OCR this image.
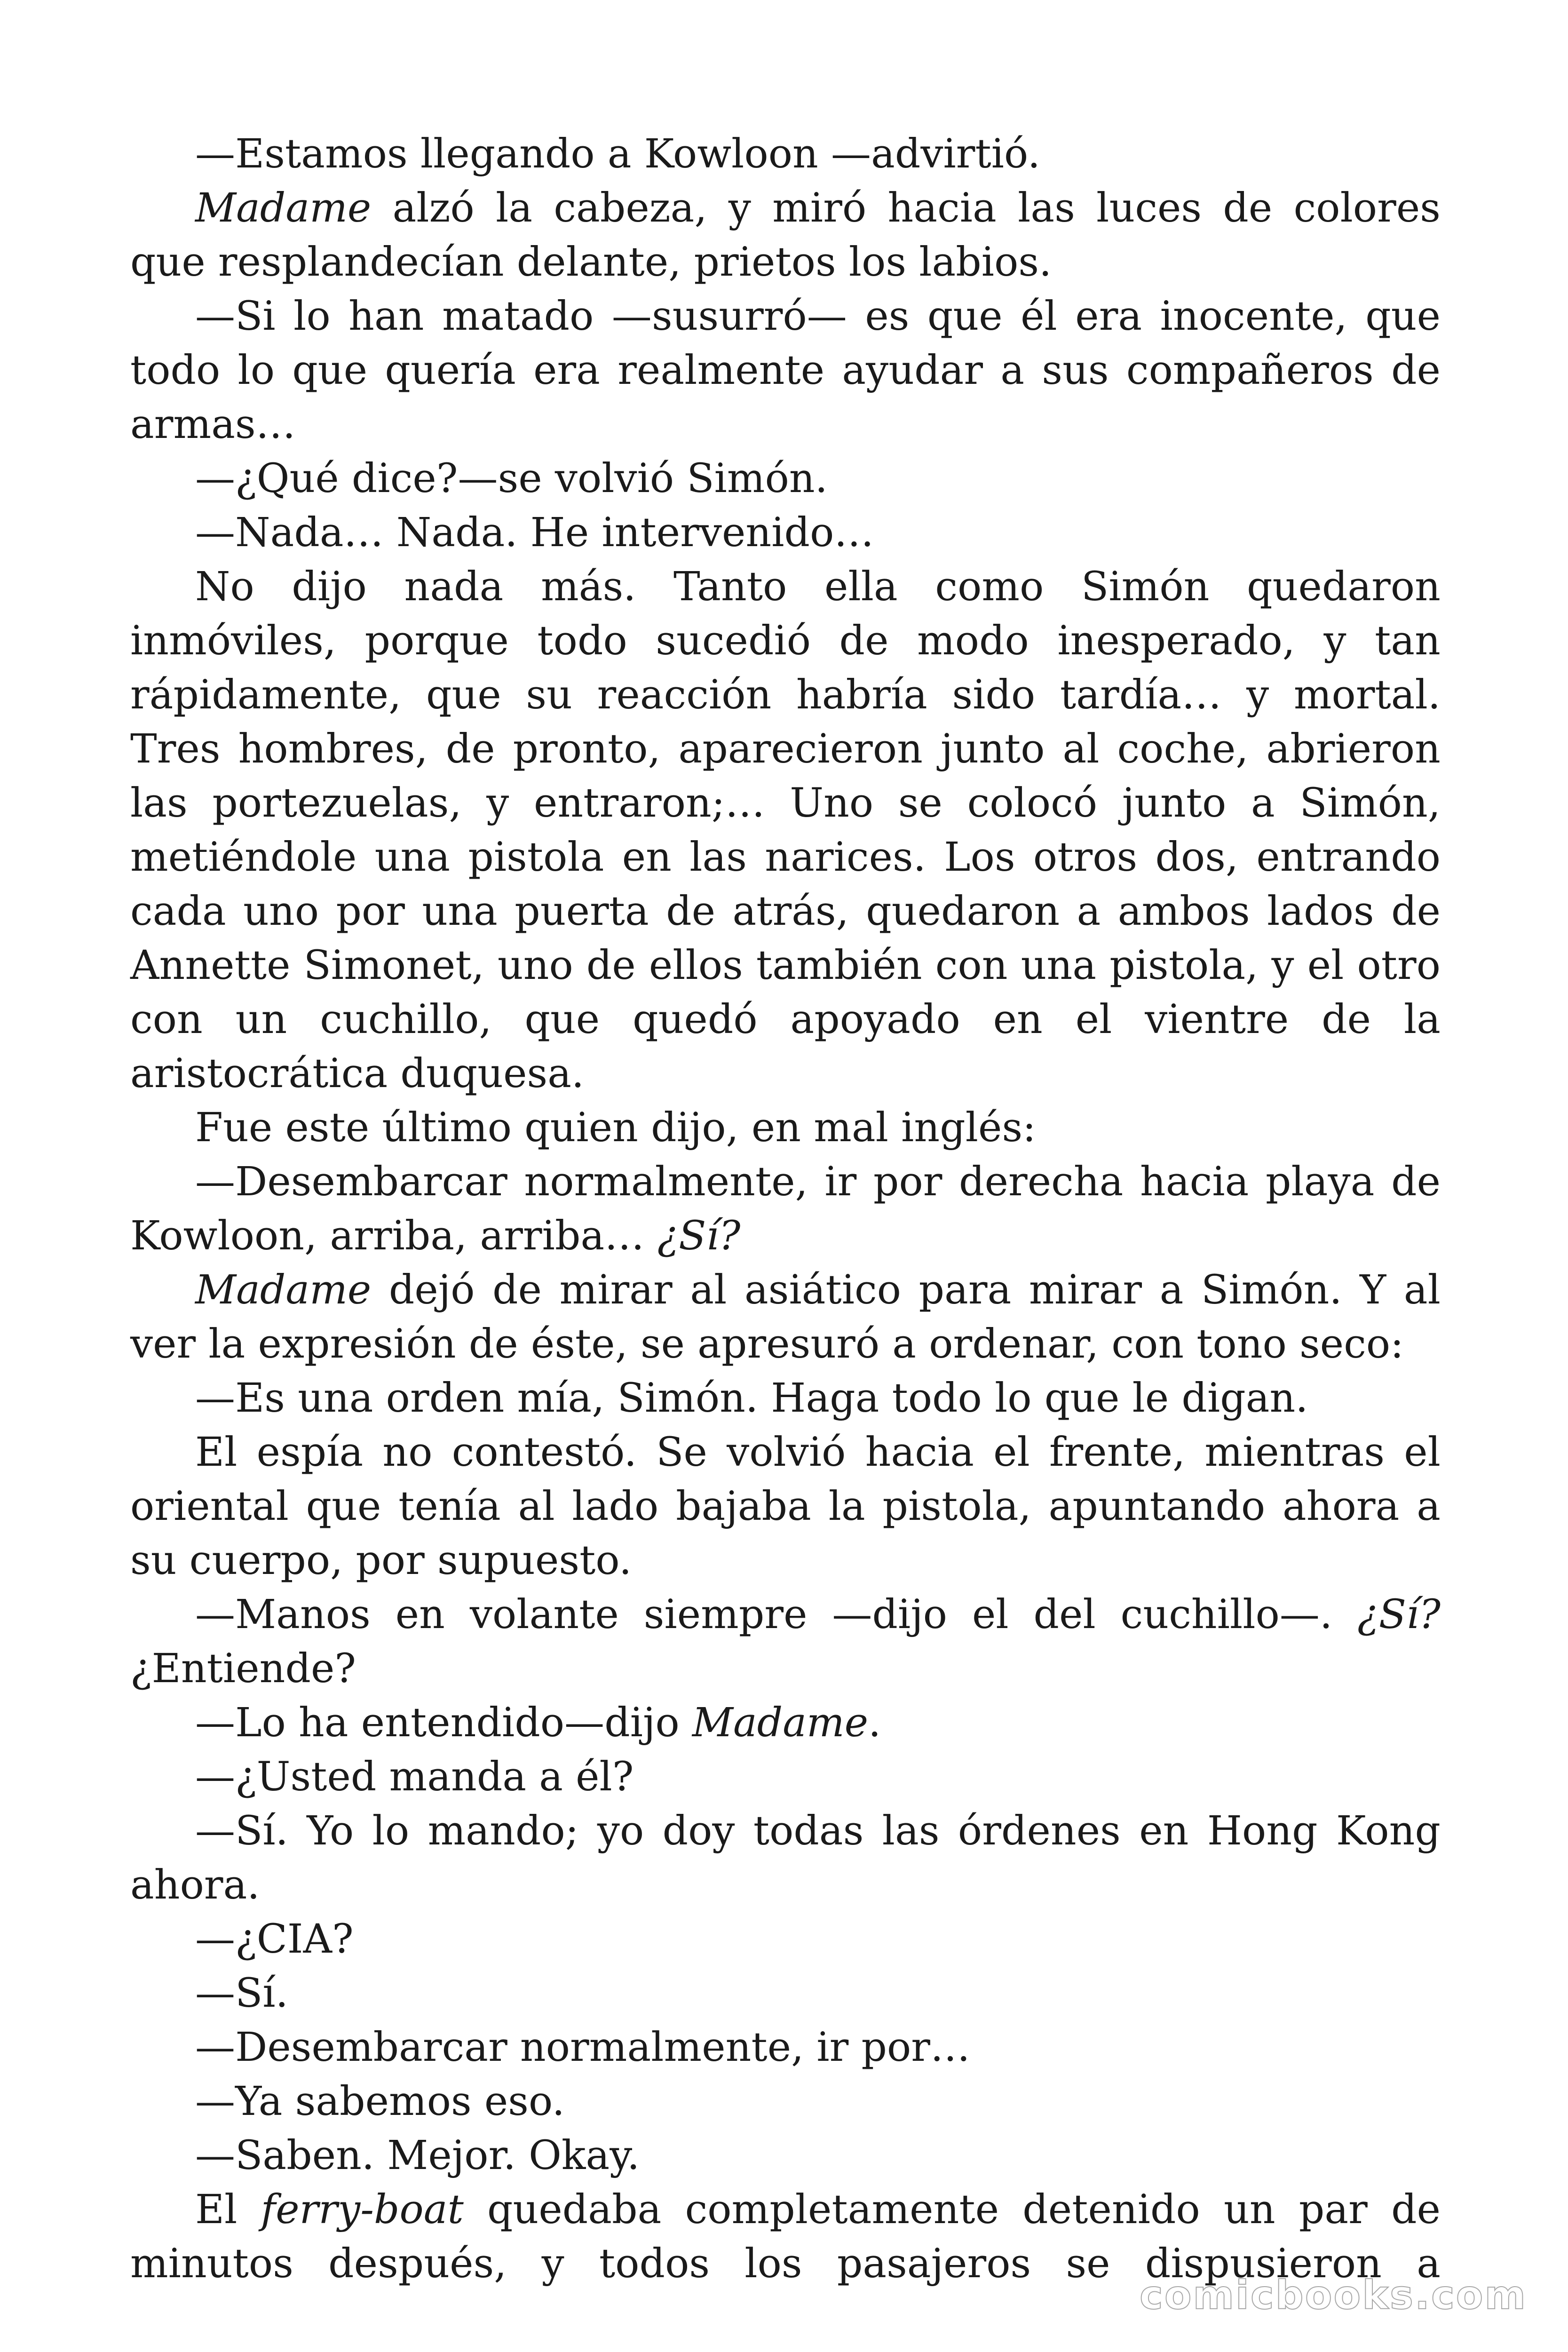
—Estamos llegando a Kowloon —advirtió.

Madame alzó la cabeza, y miró hacia las luces de colores que resplandecían delante, prietos los labios.

—Si lo han matado —susurró— es que él era inocente, que todo lo que quería era realmente ayudar a sus compañeros de armas…

—¿Qué dice?—se volvió Simón.

—Nada… Nada. He intervenido…

No dijo nada más. Tanto ella como Simón quedaron inmóviles, porque todo sucedió de modo inesperado, y tan rápidamente, que su reacción habría sido tardía… y mortal. Tres hombres, de pronto, aparecieron junto al coche, abrieron las portezuelas, y entraron;… Uno se colocó junto a Simón, metiéndole una pistola en las narices. Los otros dos, entrando cada uno por una puerta de atrás, quedaron a ambos lados de Annette Simonet, uno de ellos también con una pistola, y el otro con un cuchillo, que quedó apoyado en el vientre de la aristocrática duquesa.

Fue este último quien dijo, en mal inglés:

—Desembarcar normalmente, ir por derecha hacia playa de Kowloon, arriba, arriba… ¿Sí?

Madame dejó de mirar al asiático para mirar a Simón. Y al ver la expresión de éste, se apresuró a ordenar, con tono seco:

—Es una orden mía, Simón. Haga todo lo que le digan.

El espía no contestó. Se volvió hacia el frente, mientras el oriental que tenía al lado bajaba la pistola, apuntando ahora a su cuerpo, por supuesto.

—Manos en volante siempre —dijo el del cuchillo—. ¿Sí? ¿Entiende?

—Lo ha entendido—dijo Madame.

—¿Usted manda a él?

—Sí. Yo lo mando; yo doy todas las órdenes en Hong Kong ahora.

—¿CIA?

—Sí.

—Desembarcar normalmente, ir por…

—Ya sabemos eso.

—Saben. Mejor. Okay.

El ferry-boat quedaba completamente detenido un par de minutos después, y todos los pasajeros se dispusieron a

comicbooks.com
